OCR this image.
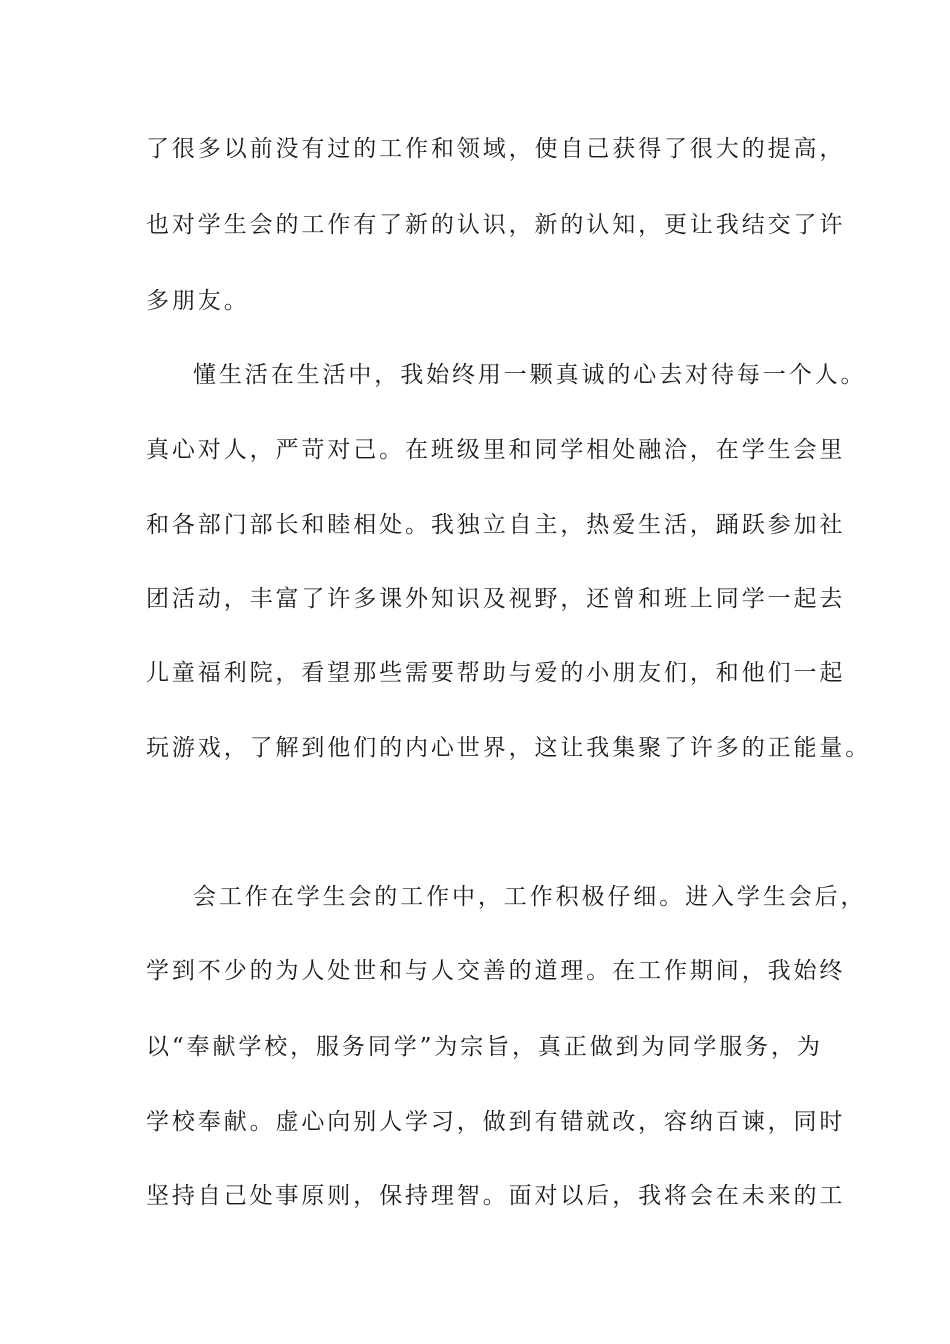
了很多以前没有过的工作和领域，使自己获得了很大的提高，
也对学生会的工作有了新的认识，新的认知，更让我结交了许
多朋友。
懂生活在生活中，我始终用一颗真诚的心去对待每一个人。
真心对人，严苛对己。在班级里和同学相处融洽，在学生会里
和各部门部长和睦相处。我独立自主，热爱生活，踊跃参加社
团活动，丰富了许多课外知识及视野，还曾和班上同学一起去
儿童福利院，看望那些需要帮助与爱的小朋友们，和他们一起
玩游戏，了解到他们的内心世界，这让我集聚了许多的正能量。
会工作在学生会的工作中，工作积极仔细。进入学生会后，
学到不少的为人处世和与人交善的道理。在工作期间，我始终
以“奉献学校，服务同学”为宗旨，真正做到为同学服务，为
学校奉献。虚心向别人学习，做到有错就改，容纳百谏，同时
坚持自己处事原则，保持理智。面对以后，我将会在未来的工
